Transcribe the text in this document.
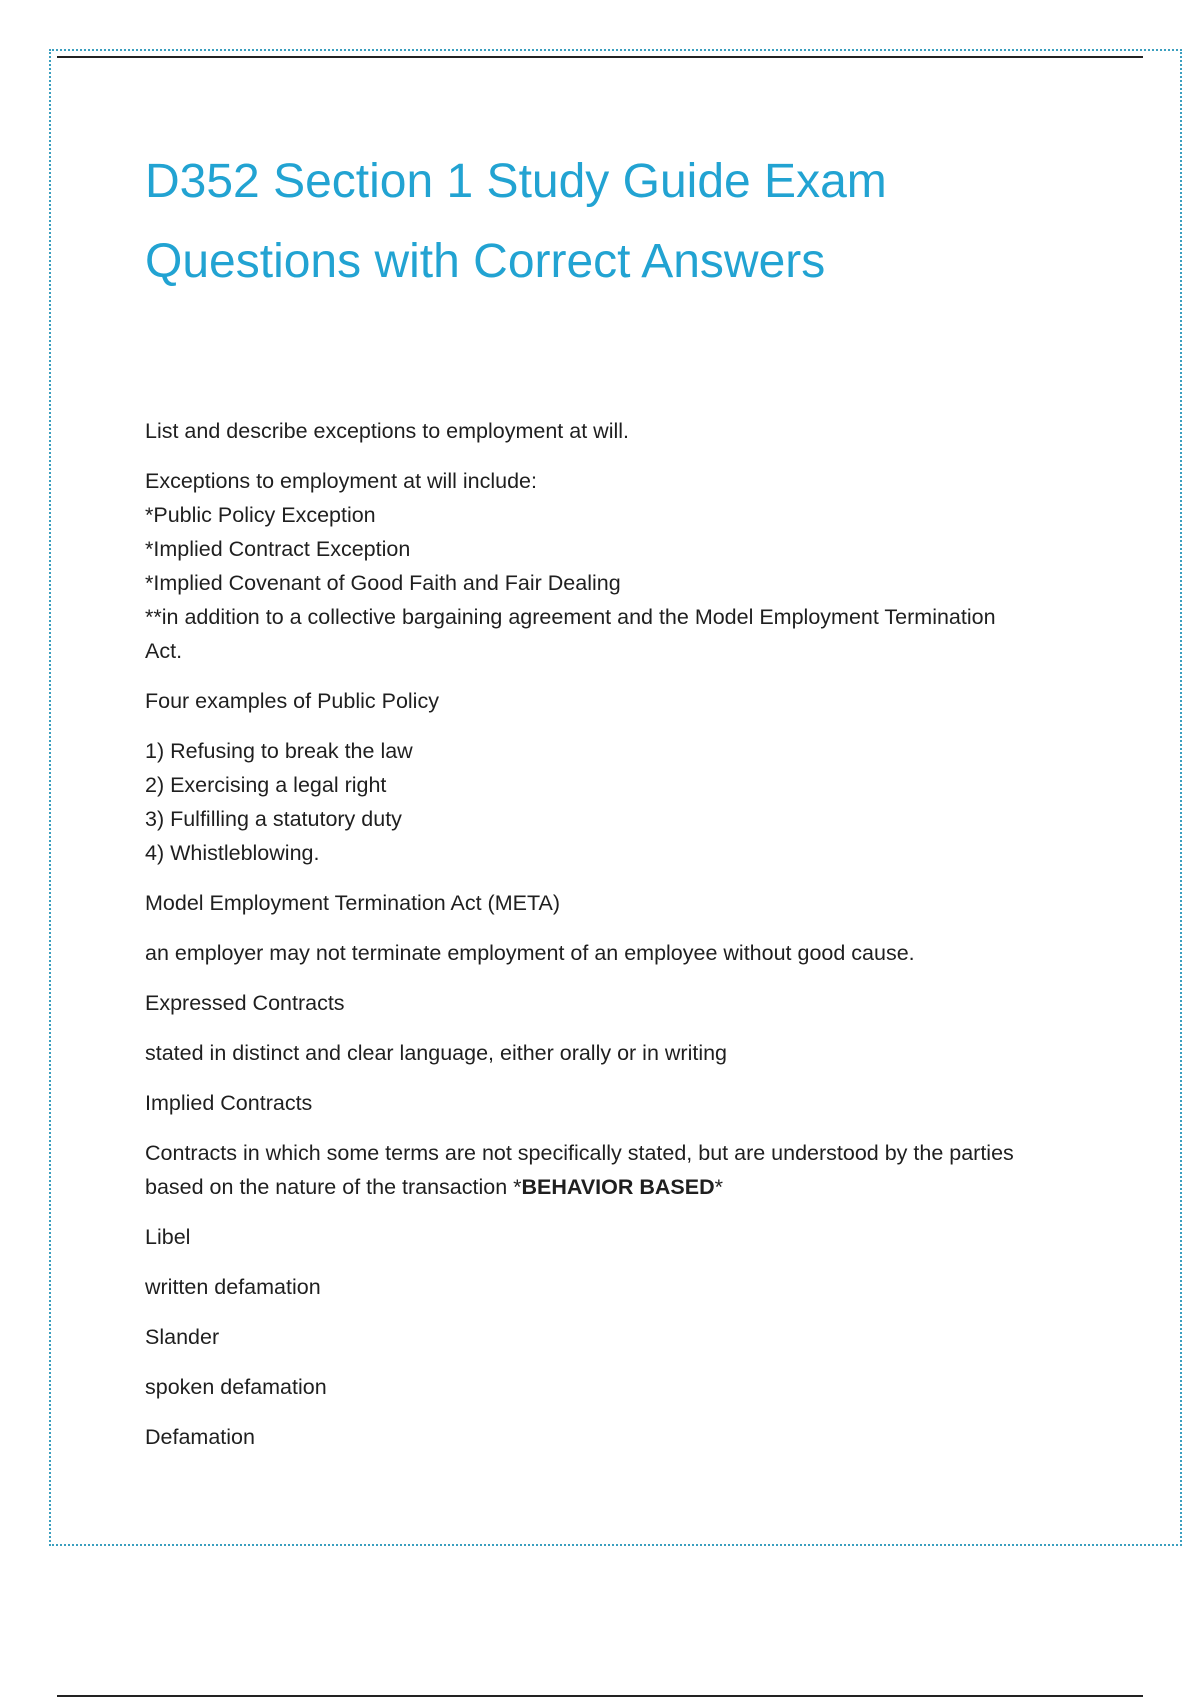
D352 Section 1 Study Guide Exam
Questions with Correct Answers

List and describe exceptions to employment at will.

Exceptions to employment at will include:
*Public Policy Exception
*Implied Contract Exception
*Implied Covenant of Good Faith and Fair Dealing
**in addition to a collective bargaining agreement and the Model Employment Termination
Act.

Four examples of Public Policy

1) Refusing to break the law
2) Exercising a legal right
3) Fulfilling a statutory duty
4) Whistleblowing.

Model Employment Termination Act (META)

an employer may not terminate employment of an employee without good cause.

Expressed Contracts

stated in distinct and clear language, either orally or in writing

Implied Contracts

Contracts in which some terms are not specifically stated, but are understood by the parties
based on the nature of the transaction *BEHAVIOR BASED*

Libel

written defamation

Slander

spoken defamation

Defamation
